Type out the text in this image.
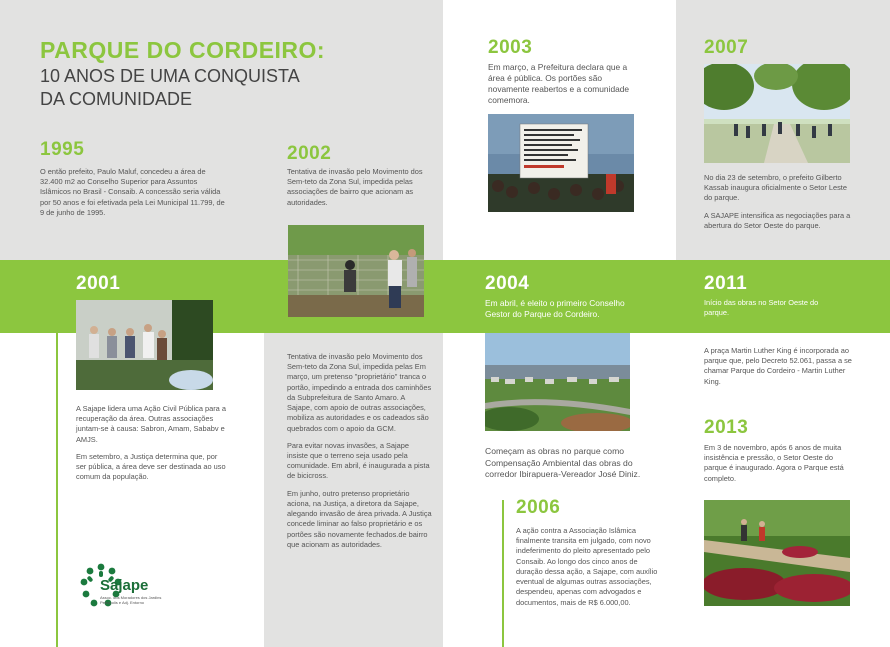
PARQUE DO CORDEIRO:
10 ANOS DE UMA CONQUISTA
DA COMUNIDADE
1995
O então prefeito, Paulo Maluf, concedeu a área de 32.400 m2 ao Conselho Superior para Assuntos Islâmicos no Brasil - Consaib. A concessão seria válida por 50 anos e foi efetivada pela Lei Municipal 11.799, de 9 de junho de 1995.
2002
Tentativa de invasão pelo Movimento dos Sem-teto da Zona Sul, impedida pelas associações de bairro que acionam as autoridades.

Tentativa de invasão pelo Movimento dos Sem-teto da Zona Sul, impedida pelas Em março, um pretenso "proprietário" tranca o portão, impedindo a entrada dos caminhões da Subprefeitura de Santo Amaro. A Sajape, com apoio de outras associações, mobiliza as autoridades e os cadeados são quebrados com o apoio da GCM.

Para evitar novas invasões, a Sajape insiste que o terreno seja usado pela comunidade. Em abril, é inaugurada a pista de bicicross.

Em junho, outro pretenso proprietário aciona, na Justiça, a diretora da Sajape, alegando invasão de área privada. A Justiça concede liminar ao falso proprietário e os portões são novamente fechados.de bairro que acionam as autoridades.

2003
Em março, a Prefeitura declara que a área é pública. Os portões são novamente reabertos e a comunidade comemora.
2007

No dia 23 de setembro, o prefeito Gilberto Kassab inaugura oficialmente o Setor Leste do parque.

A SAJAPE intensifica as negociações para a abertura do Setor Oeste do parque.

2001

A Sajape lidera uma Ação Civil Pública para a recuperação da área. Outras associações juntam-se à causa: Sabron, Amam, Sababv e AMJS.

Em setembro, a Justiça determina que, por ser pública, a área deve ser destinada ao uso comum da população.

2004
Em abril, é eleito o primeiro Conselho Gestor do Parque do Cordeiro.
Começam as obras no parque como Compensação Ambiental das obras do corredor Ibirapuera-Vereador José Diniz.
2006
A ação contra a Associação Islâmica finalmente transita em julgado, com novo indeferimento do pleito apresentado pelo Consaib. Ao longo dos cinco anos de duração dessa ação, a Sajape, com auxílio eventual de algumas outras associações, despendeu, apenas com advogados e documentos, mais de R$ 6.000,00.
2011
Início das obras no Setor Oeste do parque.
A praça Martin Luther King é incorporada ao parque que, pelo Decreto 52.061, passa a se chamar Parque do Cordeiro - Martin Luther King.
2013
Em 3 de novembro, após 6 anos de muita insistência e pressão, o Setor Oeste do parque é inaugurado. Agora o Parque está completo.
Sajape
Assoc. dos Moradores dos Jardins Petrópolis e Adj. Entorno
